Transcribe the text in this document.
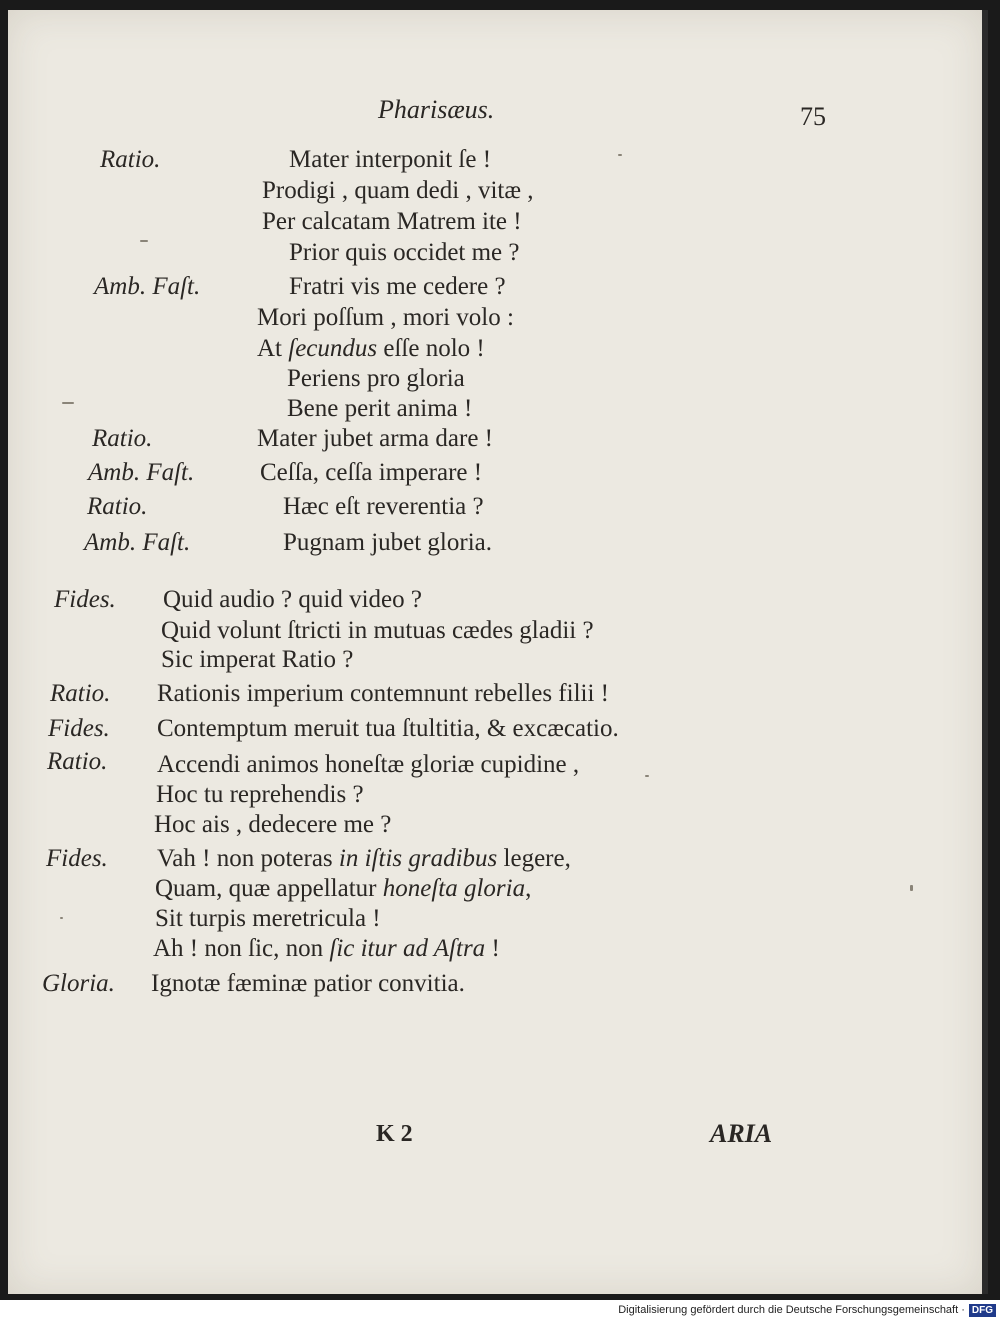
Pharisæus.	75
Ratio.	Mater interponit ſe !
Prodigi , quam dedi , vitæ ,
Per calcatam Matrem ite !
Prior quis occidet me ?
Amb. Faſt.	Fratri vis me cedere ?
Mori poſſum , mori volo :
At ſecundus eſſe nolo !
Periens pro gloria
Bene perit anima !
Ratio.	Mater jubet arma dare !
Amb. Faſt.	Ceſſa, ceſſa imperare !
Ratio.	Hæc eſt reverentia ?
Amb. Faſt.	Pugnam jubet gloria.
Fides. Quid audio ? quid video ?
Quid volunt ſtricti in mutuas cædes gladii ?
Sic imperat Ratio ?
Ratio. Rationis imperium contemnunt rebelles filii !
Fides. Contemptum meruit tua ſtultitia, & excæcatio.
Ratio. Accendi animos honeſtæ gloriæ cupidine ,
Hoc tu reprehendis ?
Hoc ais , dedecere me ?
Fides. Vah ! non poteras in iſtis gradibus legere,
Quam, quæ appellatur honeſta gloria,
Sit turpis meretricula !
Ah ! non ſic, non ſic itur ad Aſtra !
Gloria. Ignotæ fæminæ patior convitia.
K 2	ARIA
Digitalisierung gefördert durch die Deutsche Forschungsgemeinschaft · DFG
